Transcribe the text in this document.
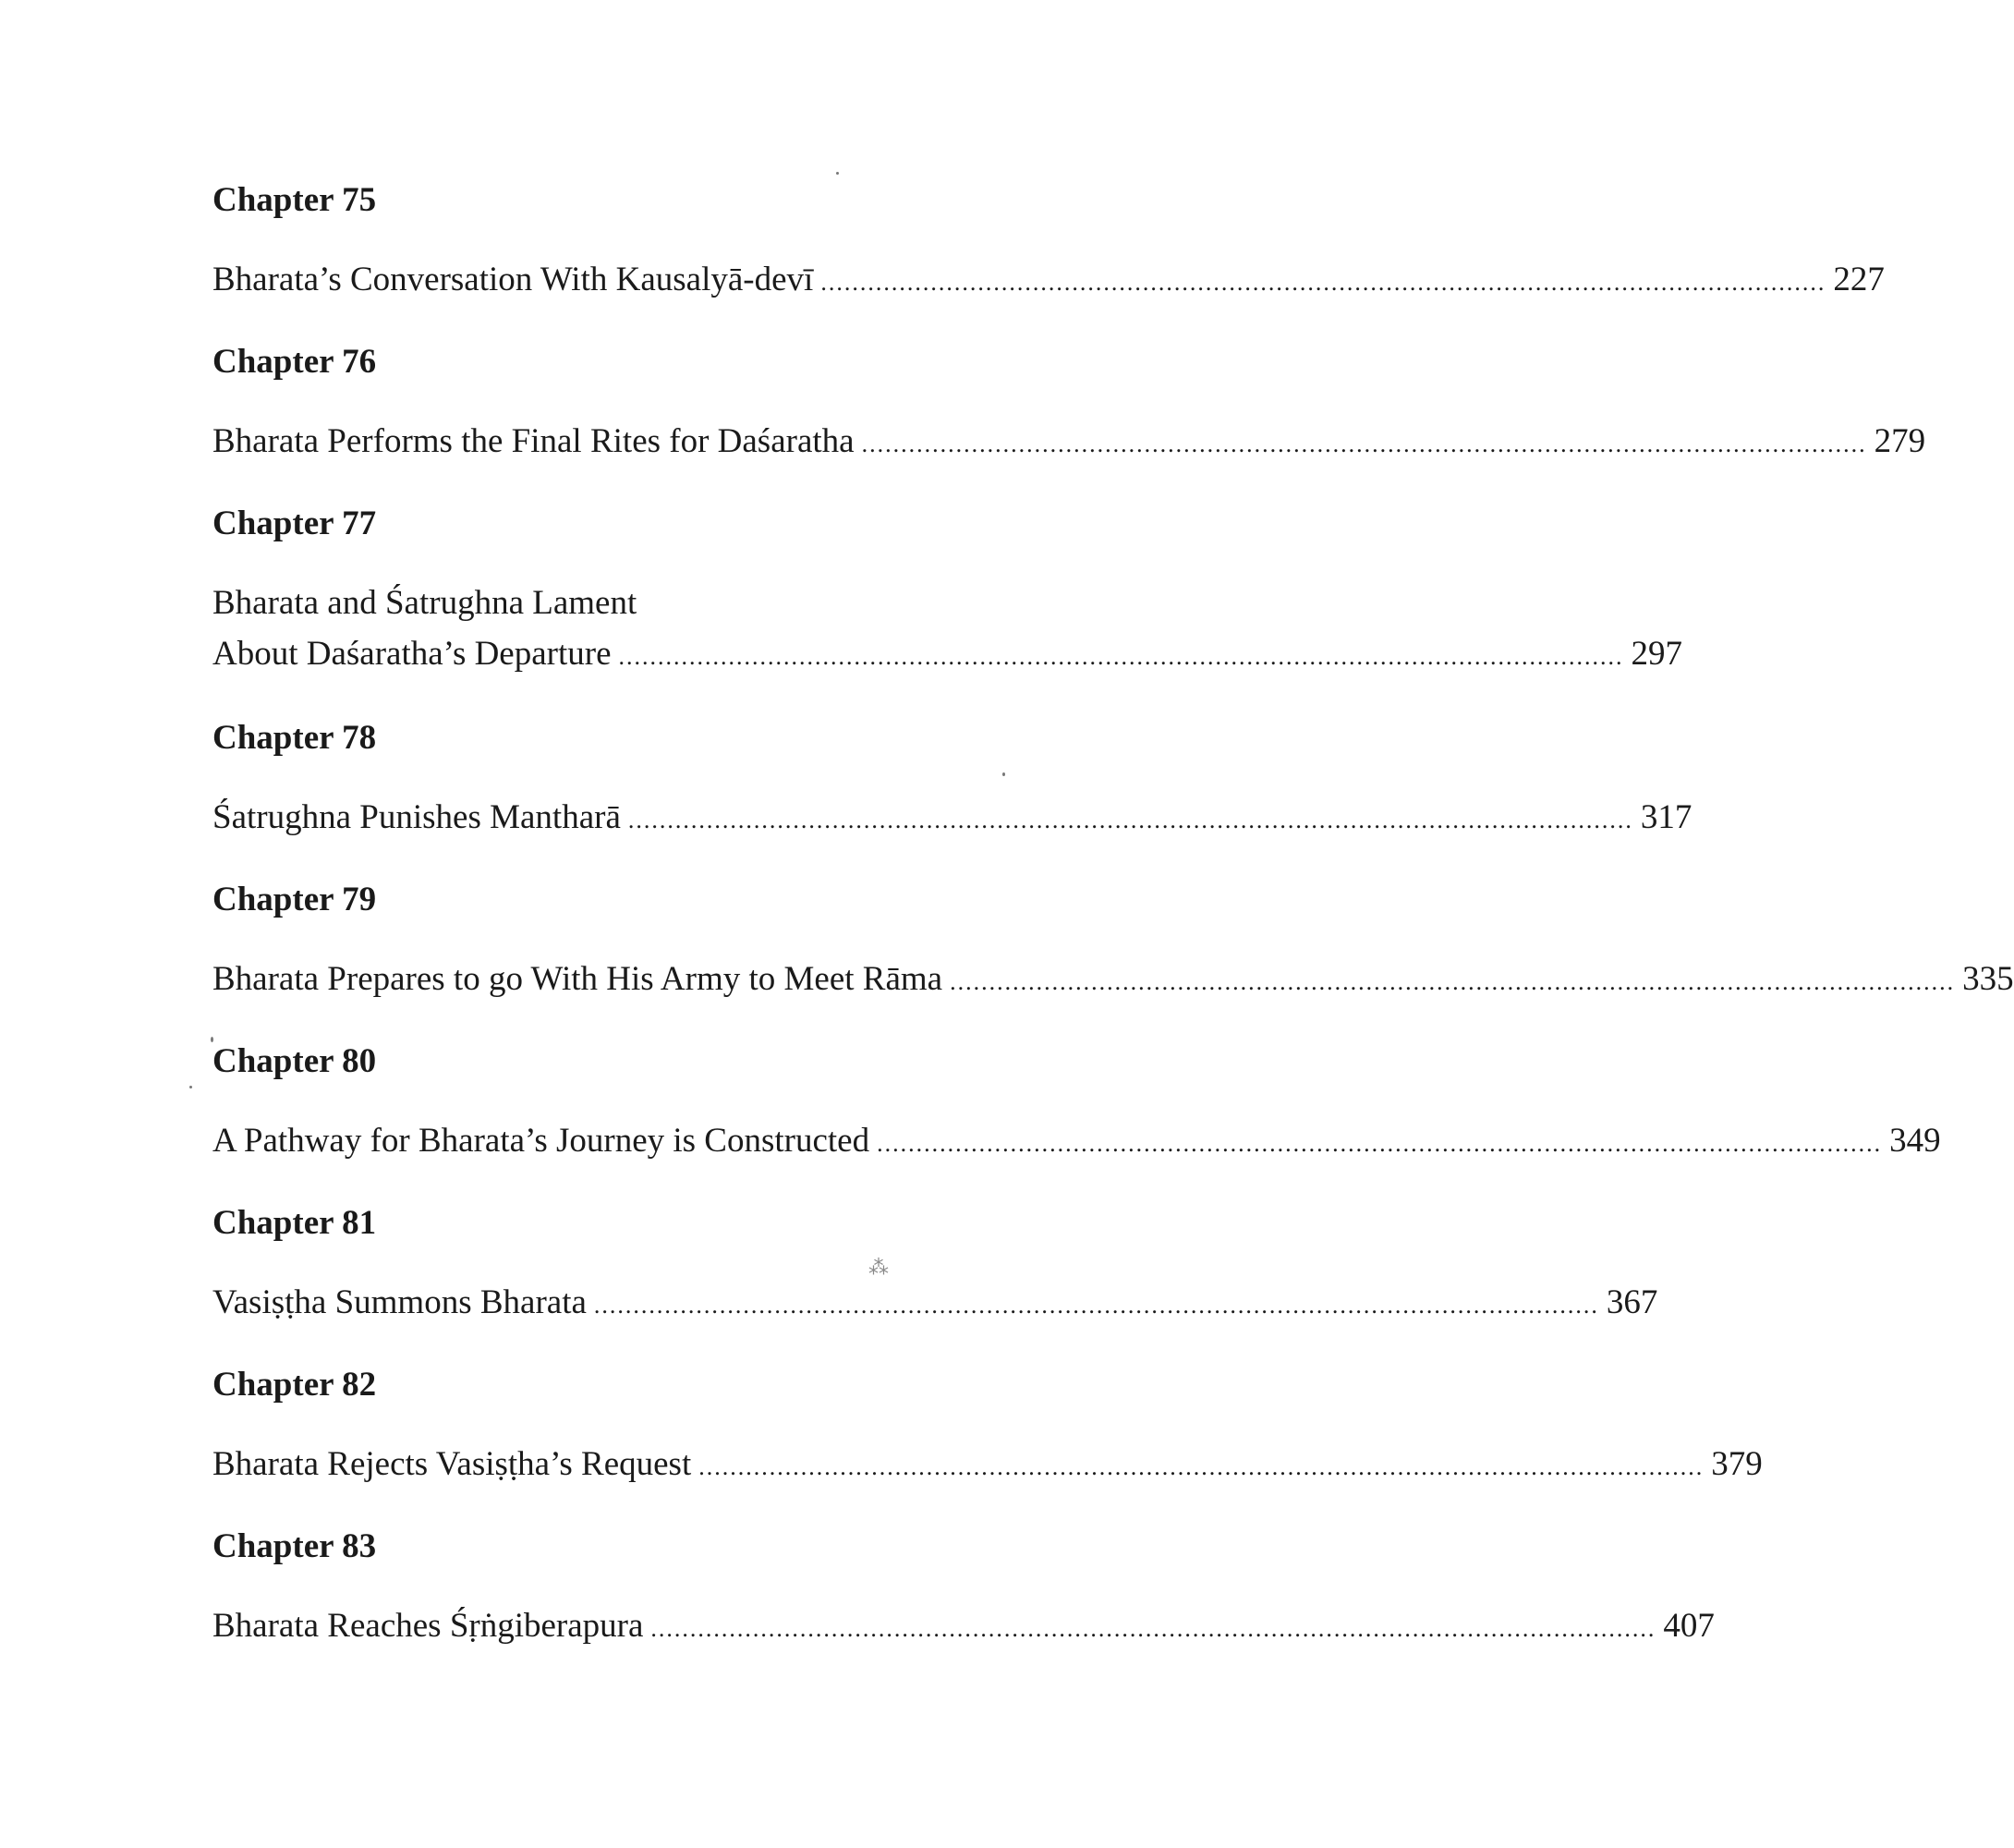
⁂
Chapter 75
Bharata’s Conversation With Kausalyā-devī ................................................................................................................................ 227
Chapter 76
Bharata Performs the Final Rites for Daśaratha ................................................................................................................................ 279
Chapter 77
Bharata and Śatrughna Lament
About Daśaratha’s Departure ................................................................................................................................ 297
Chapter 78
Śatrughna Punishes Mantharā ................................................................................................................................ 317
Chapter 79
Bharata Prepares to go With His Army to Meet Rāma ................................................................................................................................ 335
Chapter 80
A Pathway for Bharata’s Journey is Constructed ................................................................................................................................ 349
Chapter 81
Vasiṣṭha Summons Bharata ................................................................................................................................ 367
Chapter 82
Bharata Rejects Vasiṣṭha’s Request ................................................................................................................................ 379
Chapter 83
Bharata Reaches Śṛṅgiberapura ................................................................................................................................ 407
